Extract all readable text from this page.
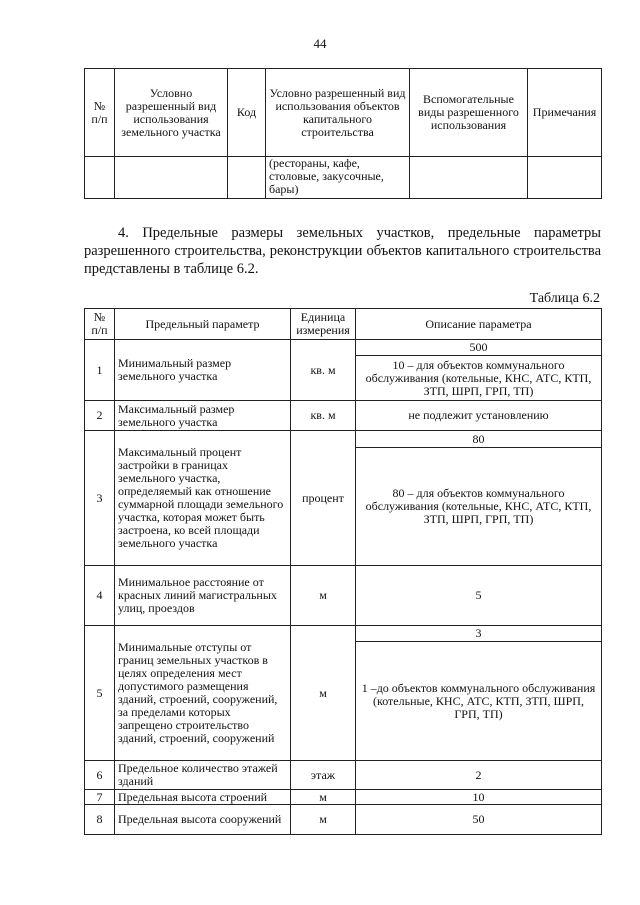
44
№ п/п	Условно разрешенный вид использования земельного участка	Код	Условно разрешенный вид использования объектов капитального строительства	Вспомогательные виды разрешенного использования	Примечания
			(рестораны, кафе, столовые, закусочные, бары)		

4. Предельные размеры земельных участков, предельные параметры разрешенного строительства, реконструкции объектов капитального строительства представлены в таблице 6.2.

Таблица 6.2
№ п/п	Предельный параметр	Единица измерения	Описание параметра
1	Минимальный размер земельного участка	кв. м	500
			10 – для объектов коммунального обслуживания (котельные, КНС, АТС, КТП, ЗТП, ШРП, ГРП, ТП)
2	Максимальный размер земельного участка	кв. м	не подлежит установлению
3	Максимальный процент застройки в границах земельного участка, определяемый как отношение суммарной площади земельного участка, которая может быть застроена, ко всей площади земельного участка	процент	80
			80 – для объектов коммунального обслуживания (котельные, КНС, АТС, КТП, ЗТП, ШРП, ГРП, ТП)
4	Минимальное расстояние от красных линий магистральных улиц, проездов	м	5
5	Минимальные отступы от границ земельных участков в целях определения мест допустимого размещения зданий, строений, сооружений, за пределами которых запрещено строительство зданий, строений, сооружений	м	3
			1 –до объектов коммунального обслуживания (котельные, КНС, АТС, КТП, ЗТП, ШРП, ГРП, ТП)
6	Предельное количество этажей зданий	этаж	2
7	Предельная высота строений	м	10
8	Предельная высота сооружений	м	50
